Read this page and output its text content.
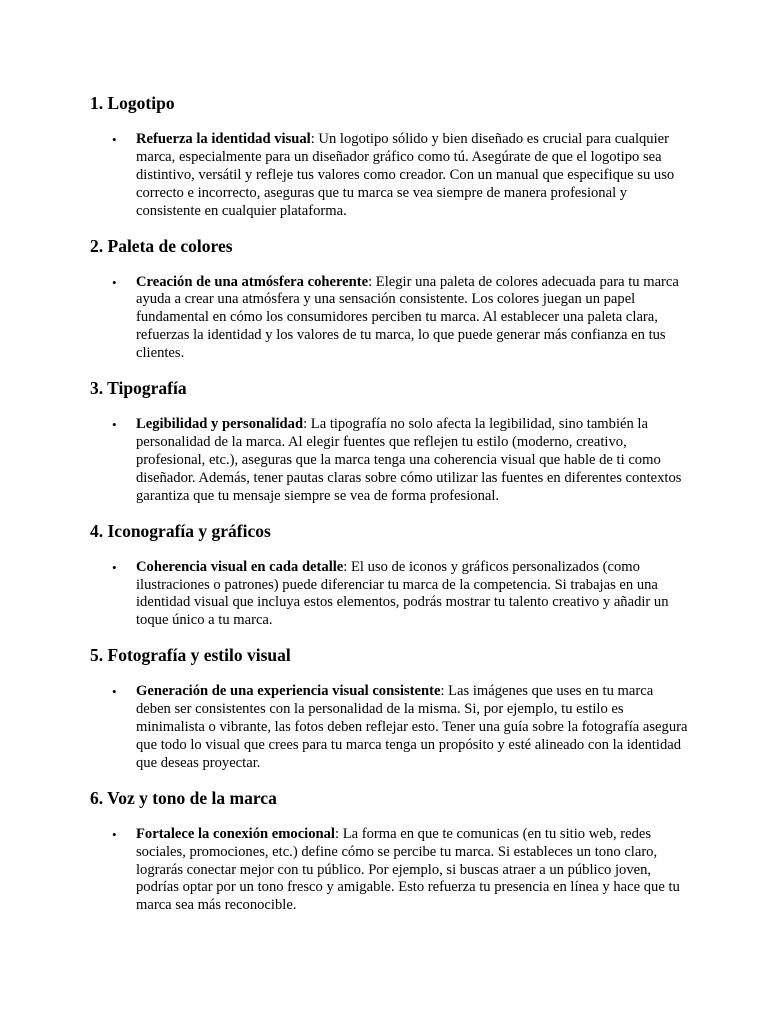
1. Logotipo
• Refuerza la identidad visual: Un logotipo sólido y bien diseñado es crucial para cualquier marca, especialmente para un diseñador gráfico como tú. Asegúrate de que el logotipo sea distintivo, versátil y refleje tus valores como creador. Con un manual que especifique su uso correcto e incorrecto, aseguras que tu marca se vea siempre de manera profesional y consistente en cualquier plataforma.
2. Paleta de colores
• Creación de una atmósfera coherente: Elegir una paleta de colores adecuada para tu marca ayuda a crear una atmósfera y una sensación consistente. Los colores juegan un papel fundamental en cómo los consumidores perciben tu marca. Al establecer una paleta clara, refuerzas la identidad y los valores de tu marca, lo que puede generar más confianza en tus clientes.
3. Tipografía
• Legibilidad y personalidad: La tipografía no solo afecta la legibilidad, sino también la personalidad de la marca. Al elegir fuentes que reflejen tu estilo (moderno, creativo, profesional, etc.), aseguras que la marca tenga una coherencia visual que hable de ti como diseñador. Además, tener pautas claras sobre cómo utilizar las fuentes en diferentes contextos garantiza que tu mensaje siempre se vea de forma profesional.
4. Iconografía y gráficos
• Coherencia visual en cada detalle: El uso de iconos y gráficos personalizados (como ilustraciones o patrones) puede diferenciar tu marca de la competencia. Si trabajas en una identidad visual que incluya estos elementos, podrás mostrar tu talento creativo y añadir un toque único a tu marca.
5. Fotografía y estilo visual
• Generación de una experiencia visual consistente: Las imágenes que uses en tu marca deben ser consistentes con la personalidad de la misma. Si, por ejemplo, tu estilo es minimalista o vibrante, las fotos deben reflejar esto. Tener una guía sobre la fotografía asegura que todo lo visual que crees para tu marca tenga un propósito y esté alineado con la identidad que deseas proyectar.
6. Voz y tono de la marca
• Fortalece la conexión emocional: La forma en que te comunicas (en tu sitio web, redes sociales, promociones, etc.) define cómo se percibe tu marca. Si estableces un tono claro, lograrás conectar mejor con tu público. Por ejemplo, si buscas atraer a un público joven, podrías optar por un tono fresco y amigable. Esto refuerza tu presencia en línea y hace que tu marca sea más reconocible.
